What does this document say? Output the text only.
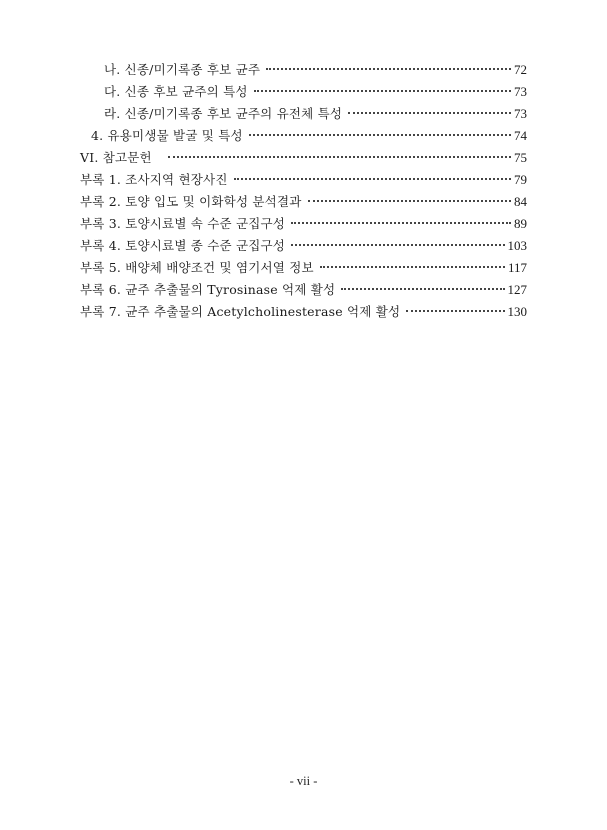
나. 신종/미기록종 후보 균주	72
다. 신종 후보 균주의 특성	73
라. 신종/미기록종 후보 균주의 유전체 특성	73
4. 유용미생물 발굴 및 특성	74
VI. 참고문헌	75
부록 1. 조사지역 현장사진	79
부록 2. 토양 입도 및 이화학성 분석결과	84
부록 3. 토양시료별 속 수준 군집구성	89
부록 4. 토양시료별 종 수준 군집구성	103
부록 5. 배양체 배양조건 및 염기서열 정보	117
부록 6. 균주 추출물의 Tyrosinase 억제 활성	127
부록 7. 균주 추출물의 Acetylcholinesterase 억제 활성	130
- vii -
